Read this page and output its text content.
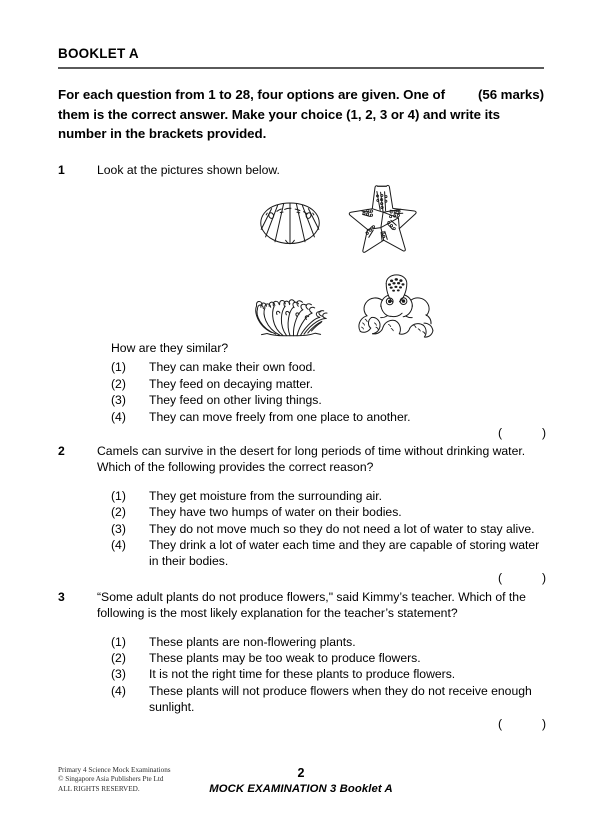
BOOKLET A
(56 marks)
For each question from 1 to 28, four options are given. One of them is the correct answer. Make your choice (1, 2, 3 or 4) and write its number in the brackets provided.
1	Look at the pictures shown below.

How are they similar?

(1) They can make their own food.
(2) They feed on decaying matter.
(3) They feed on other living things.
(4) They can move freely from one place to another.
(	)
2	Camels can survive in the desert for long periods of time without drinking water. Which of the following provides the correct reason?

(1) They get moisture from the surrounding air.
(2) They have two humps of water on their bodies.
(3) They do not move much so they do not need a lot of water to stay alive.
(4) They drink a lot of water each time and they are capable of storing water
in their bodies.
(	)
3	“Some adult plants do not produce flowers," said Kimmy’s teacher. Which of the following is the most likely explanation for the teacher’s statement?

(1) These plants are non-flowering plants.
(2) These plants may be too weak to produce flowers.
(3) It is not the right time for these plants to produce flowers.
(4) These plants will not produce flowers when they do not receive enough
sunlight.
(	)
Primary 4 Science Mock Examinations
© Singapore Asia Publishers Pte Ltd
ALL RIGHTS RESERVED.

2

MOCK EXAMINATION 3 Booklet A
